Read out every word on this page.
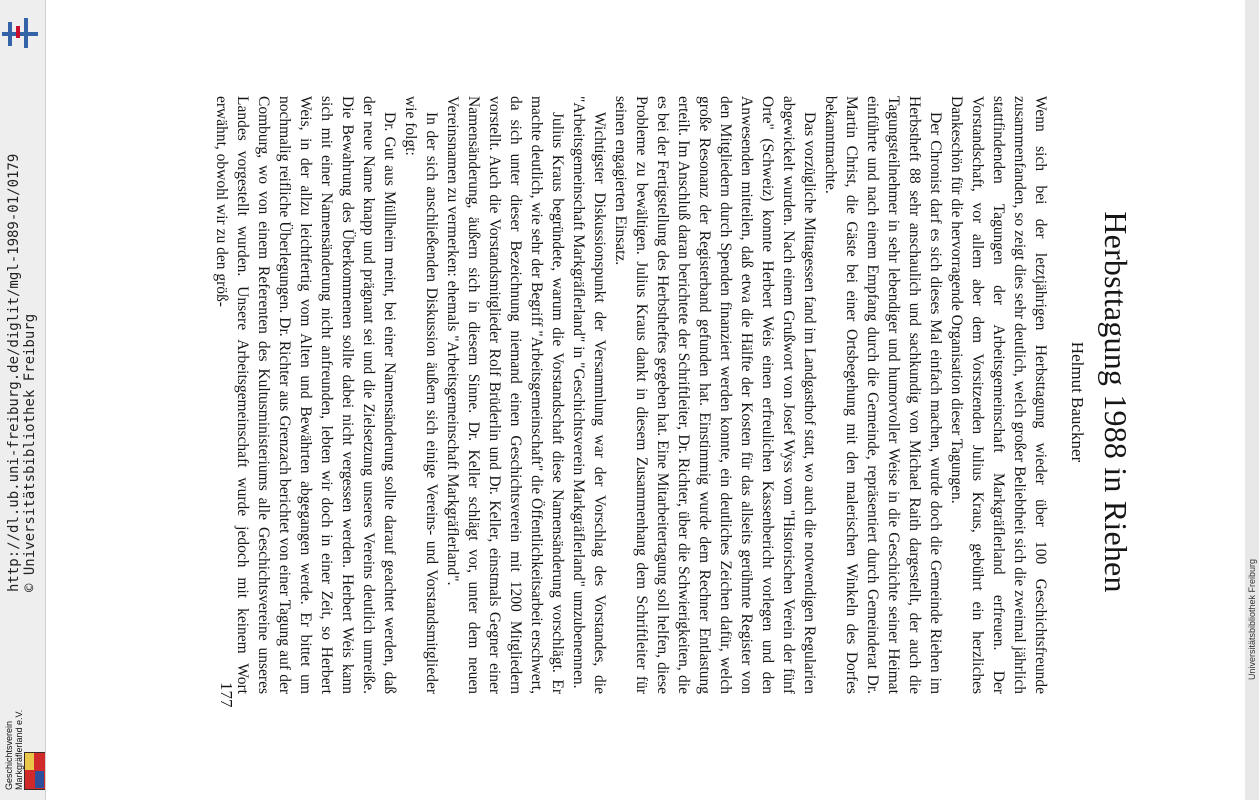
http://dl.ub.uni-freiburg.de/diglit/mgl-1989-01/0179 © Universitätsbibliothek Freiburg
Geschichtsverein Markgräflerland e.V.
Universitätsbibliothek Freiburg
Herbsttagung 1988 in Riehen
Helmut Bauckner

Wenn sich bei der letztjährigen Herbsttagung wieder über 100 Geschichtsfreunde zusammenfanden, so zeigt dies sehr deutlich, welch großer Beliebtheit sich die zweimal jährlich stattfindenden Tagungen der Arbeitsgemeinschaft Markgräflerland erfreuen. Der Vorstandschaft, vor allem aber dem Vorsitzenden Julius Kraus, gebührt ein herzliches Dankeschön für die hervorragende Organisation dieser Tagungen.

Der Chronist darf es sich dieses Mal einfach machen, wurde doch die Gemeinde Riehen im Herbstheft 88 sehr anschaulich und sachkundig von Michael Raith dargestellt, der auch die Tagungsteilnehmer in sehr lebendiger und humorvoller Weise in die Geschichte seiner Heimat einführte und nach einem Empfang durch die Gemeinde, repräsentiert durch Gemeinderat Dr. Martin Christ, die Gäste bei einer Ortsbegehung mit den malerischen Winkeln des Dorfes bekanntmachte.

Das vorzügliche Mittagessen fand im Landgasthof statt, wo auch die notwendigen Regularien abgewickelt wurden. Nach einem Grußwort von Josef Wyss vom "Historischen Verein der fünf Orte" (Schweiz) konnte Herbert Weis einen erfreulichen Kassenbericht vorlegen und den Anwesenden mitteilen, daß etwa die Hälfte der Kosten für das allseits gerühmte Register von den Mitgliedern durch Spenden finanziert werden konnte, ein deutliches Zeichen dafür, welch große Resonanz der Registerband gefunden hat. Einstimmig wurde dem Rechner Entlastung erteilt. Im Anschluß daran berichtete der Schriftleiter, Dr. Richter, über die Schwierigkeiten, die es bei der Fertigstellung des Herbstheftes gegeben hat. Eine Mitarbeitertagung soll helfen, diese Probleme zu bewältigen. Julius Kraus dankt in diesem Zusammenhang dem Schriftleiter für seinen engagierten Einsatz.

Wichtigster Diskussionspunkt der Versammlung war der Vorschlag des Vorstandes, die "Arbeitsgemeinschaft Markgräflerland" in "Geschichtsverein Markgräflerland" umzubenennen.

Julius Kraus begründete, warum die Vorstandschaft diese Namensänderung vorschlägt. Er machte deutlich, wie sehr der Begriff "Arbeitsgemeinschaft" die Öffentlichkeitsarbeit erschwert, da sich unter dieser Bezeichnung niemand einen Geschichtsverein mit 1200 Mitgliedern vorstellt. Auch die Vorstandsmitglieder Rolf Brüderlin und Dr. Keller, einstmals Gegner einer Namensänderung, äußern sich in diesem Sinne. Dr. Keller schlägt vor, unter dem neuen Vereinsnamen zu vermerken: ehemals "Arbeitsgemeinschaft Markgräflerland".

In der sich anschließenden Diskussion äußern sich einige Vereins- und Vorstandsmitglieder wie folgt:

Dr. Gut aus Müllheim meint, bei einer Namensänderung sollte darauf geachtet werden, daß der neue Name knapp und prägnant sei und die Zielsetzung unseres Vereins deutlich umreiße. Die Bewahrung des Überkommenen sollte dabei nicht vergessen werden. Herbert Weis kann sich mit einer Namensänderung nicht anfreunden, lebten wir doch in einer Zeit, so Herbert Weis, in der allzu leichtfertig vom Alten und Bewährten abgegangen werde. Er bittet um nochmalig reifliche Überlegungen. Dr. Richter aus Grenzach berichtet von einer Tagung auf der Comburg, wo von einem Referenten des Kultusministeriums alle Geschichtsvereine unseres Landes vorgestellt wurden. Unsere Arbeitsgemeinschaft wurde jedoch mit keinem Wort erwähnt, obwohl wir zu den größ-

177
